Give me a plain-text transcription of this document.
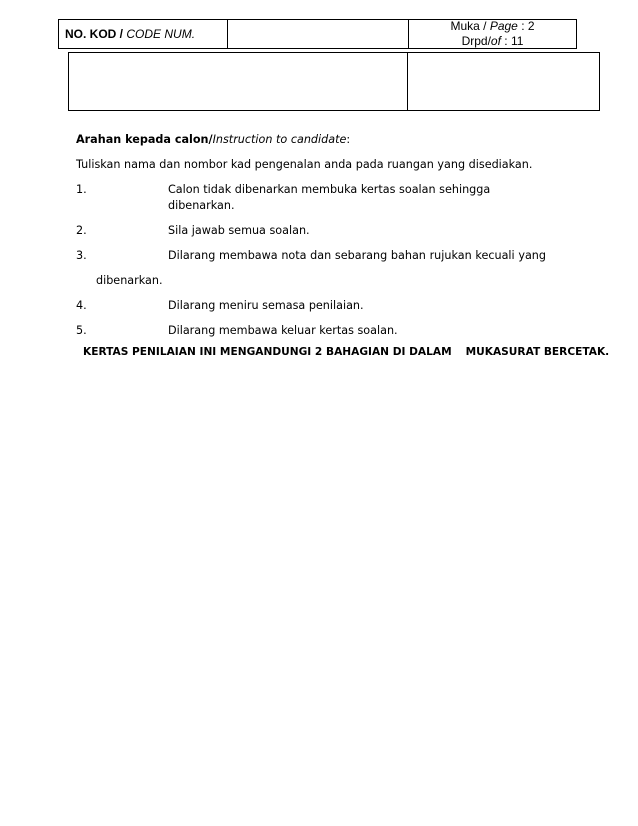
NO. KOD / CODE NUM.
Muka / Page : 2
Drpd/of : 11
Arahan kepada calon/Instruction to candidate:
Tuliskan nama dan nombor kad pengenalan anda pada ruangan yang disediakan.
1.	Calon tidak dibenarkan membuka kertas soalan sehingga dibenarkan.
2.	Sila jawab semua soalan.
3.	Dilarang membawa nota dan sebarang bahan rujukan kecuali yang
dibenarkan.
4.	Dilarang meniru semasa penilaian.
5.	Dilarang membawa keluar kertas soalan.
KERTAS PENILAIAN INI MENGANDUNGI 2 BAHAGIAN DI DALAM MUKASURAT BERCETAK.
